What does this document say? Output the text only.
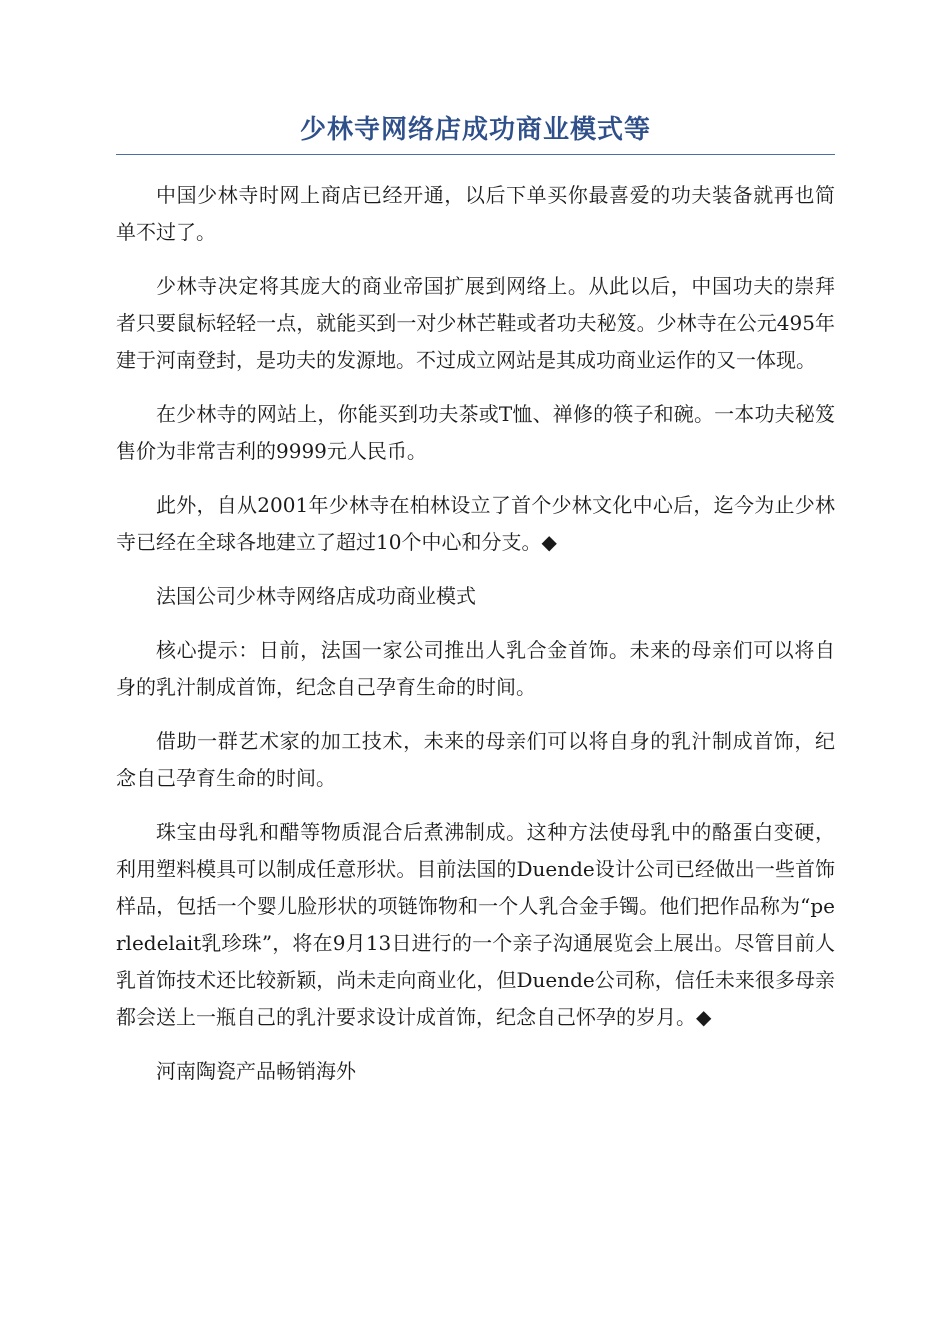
少林寺网络店成功商业模式等

中国少林寺时网上商店已经开通，以后下单买你最喜爱的功夫装备就再也简单不过了。

少林寺决定将其庞大的商业帝国扩展到网络上。从此以后，中国功夫的崇拜者只要鼠标轻轻一点，就能买到一对少林芒鞋或者功夫秘笈。少林寺在公元495年建于河南登封，是功夫的发源地。不过成立网站是其成功商业运作的又一体现。

在少林寺的网站上，你能买到功夫茶或T恤、禅修的筷子和碗。一本功夫秘笈售价为非常吉利的9999元人民币。

此外，自从2001年少林寺在柏林设立了首个少林文化中心后，迄今为止少林寺已经在全球各地建立了超过10个中心和分支。◆

法国公司少林寺网络店成功商业模式

核心提示：日前，法国一家公司推出人乳合金首饰。未来的母亲们可以将自身的乳汁制成首饰，纪念自己孕育生命的时间。

借助一群艺术家的加工技术，未来的母亲们可以将自身的乳汁制成首饰，纪念自己孕育生命的时间。

珠宝由母乳和醋等物质混合后煮沸制成。这种方法使母乳中的酪蛋白变硬，利用塑料模具可以制成任意形状。目前法国的Duende设计公司已经做出一些首饰样品，包括一个婴儿脸形状的项链饰物和一个人乳合金手镯。他们把作品称为“perledelait乳珍珠”，将在9月13日进行的一个亲子沟通展览会上展出。尽管目前人乳首饰技术还比较新颖，尚未走向商业化，但Duende公司称，信任未来很多母亲都会送上一瓶自己的乳汁要求设计成首饰，纪念自己怀孕的岁月。◆

河南陶瓷产品畅销海外
